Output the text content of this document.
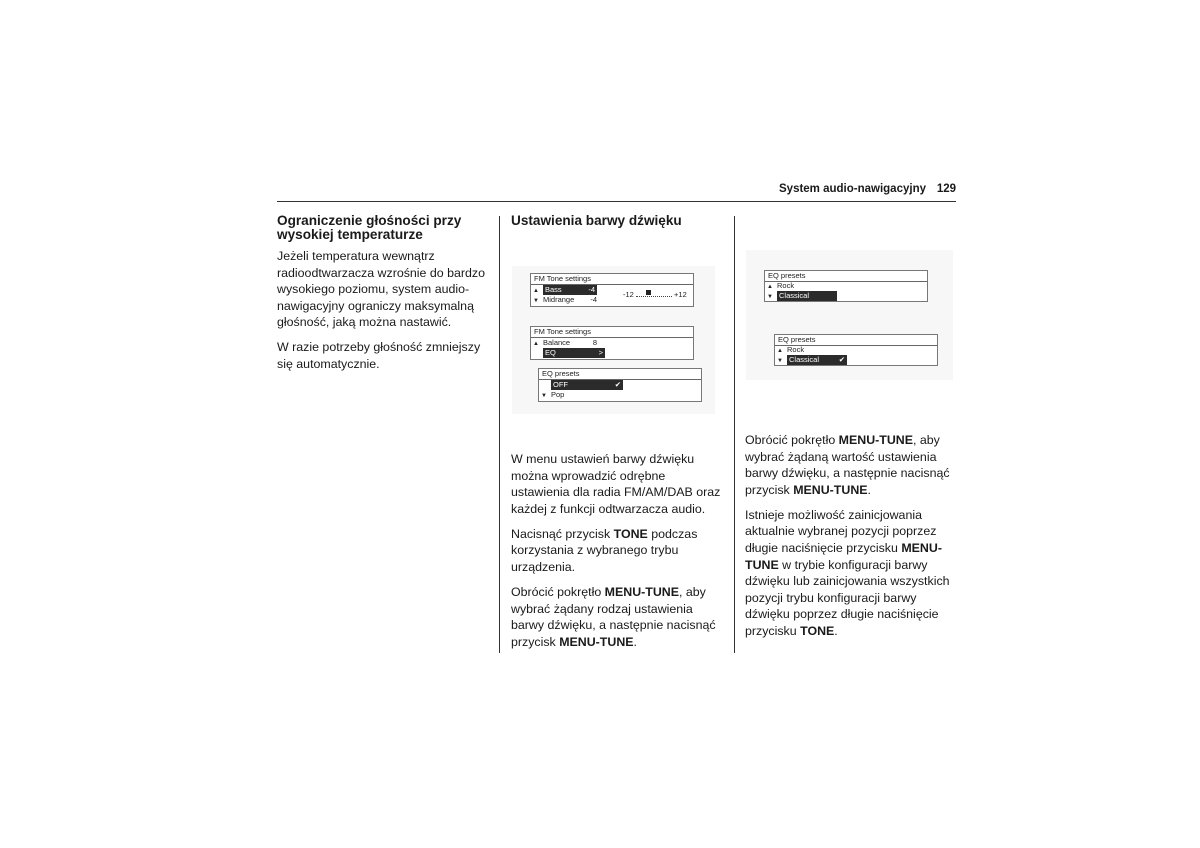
System audio-nawigacyjny 129
Ograniczenie głośności przy wysokiej temperaturze

Jeżeli temperatura wewnątrz radioodtwarzacza wzrośnie do bardzo wysokiego poziomu, system audio-nawigacyjny ograniczy maksymalną głośność, jaką można nastawić.

W razie potrzeby głośność zmniejszy się automatycznie.

Ustawienia barwy dźwięku
FM Tone settings
▲ Bass	-4
▼ Midrange -4
-12	+12
FM Tone settings
▲ Balance	8
EQ	>
EQ presets
OFF	✔
▼ Pop
EQ presets
▲ Rock
▼ Classical
EQ presets
▲ Rock
▼ Classical	✔

W menu ustawień barwy dźwięku można wprowadzić odrębne ustawienia dla radia FM/AM/DAB oraz każdej z funkcji odtwarzacza audio.

Nacisnąć przycisk TONE podczas korzystania z wybranego trybu urządzenia.

Obrócić pokrętło MENU-TUNE, aby wybrać żądany rodzaj ustawienia barwy dźwięku, a następnie nacisnąć przycisk MENU-TUNE.

Obrócić pokrętło MENU-TUNE, aby wybrać żądaną wartość ustawienia barwy dźwięku, a następnie nacisnąć przycisk MENU-TUNE.

Istnieje możliwość zainicjowania aktualnie wybranej pozycji poprzez długie naciśnięcie przycisku MENU-TUNE w trybie konfiguracji barwy dźwięku lub zainicjowania wszystkich pozycji trybu konfiguracji barwy dźwięku poprzez długie naciśnięcie przycisku TONE.
